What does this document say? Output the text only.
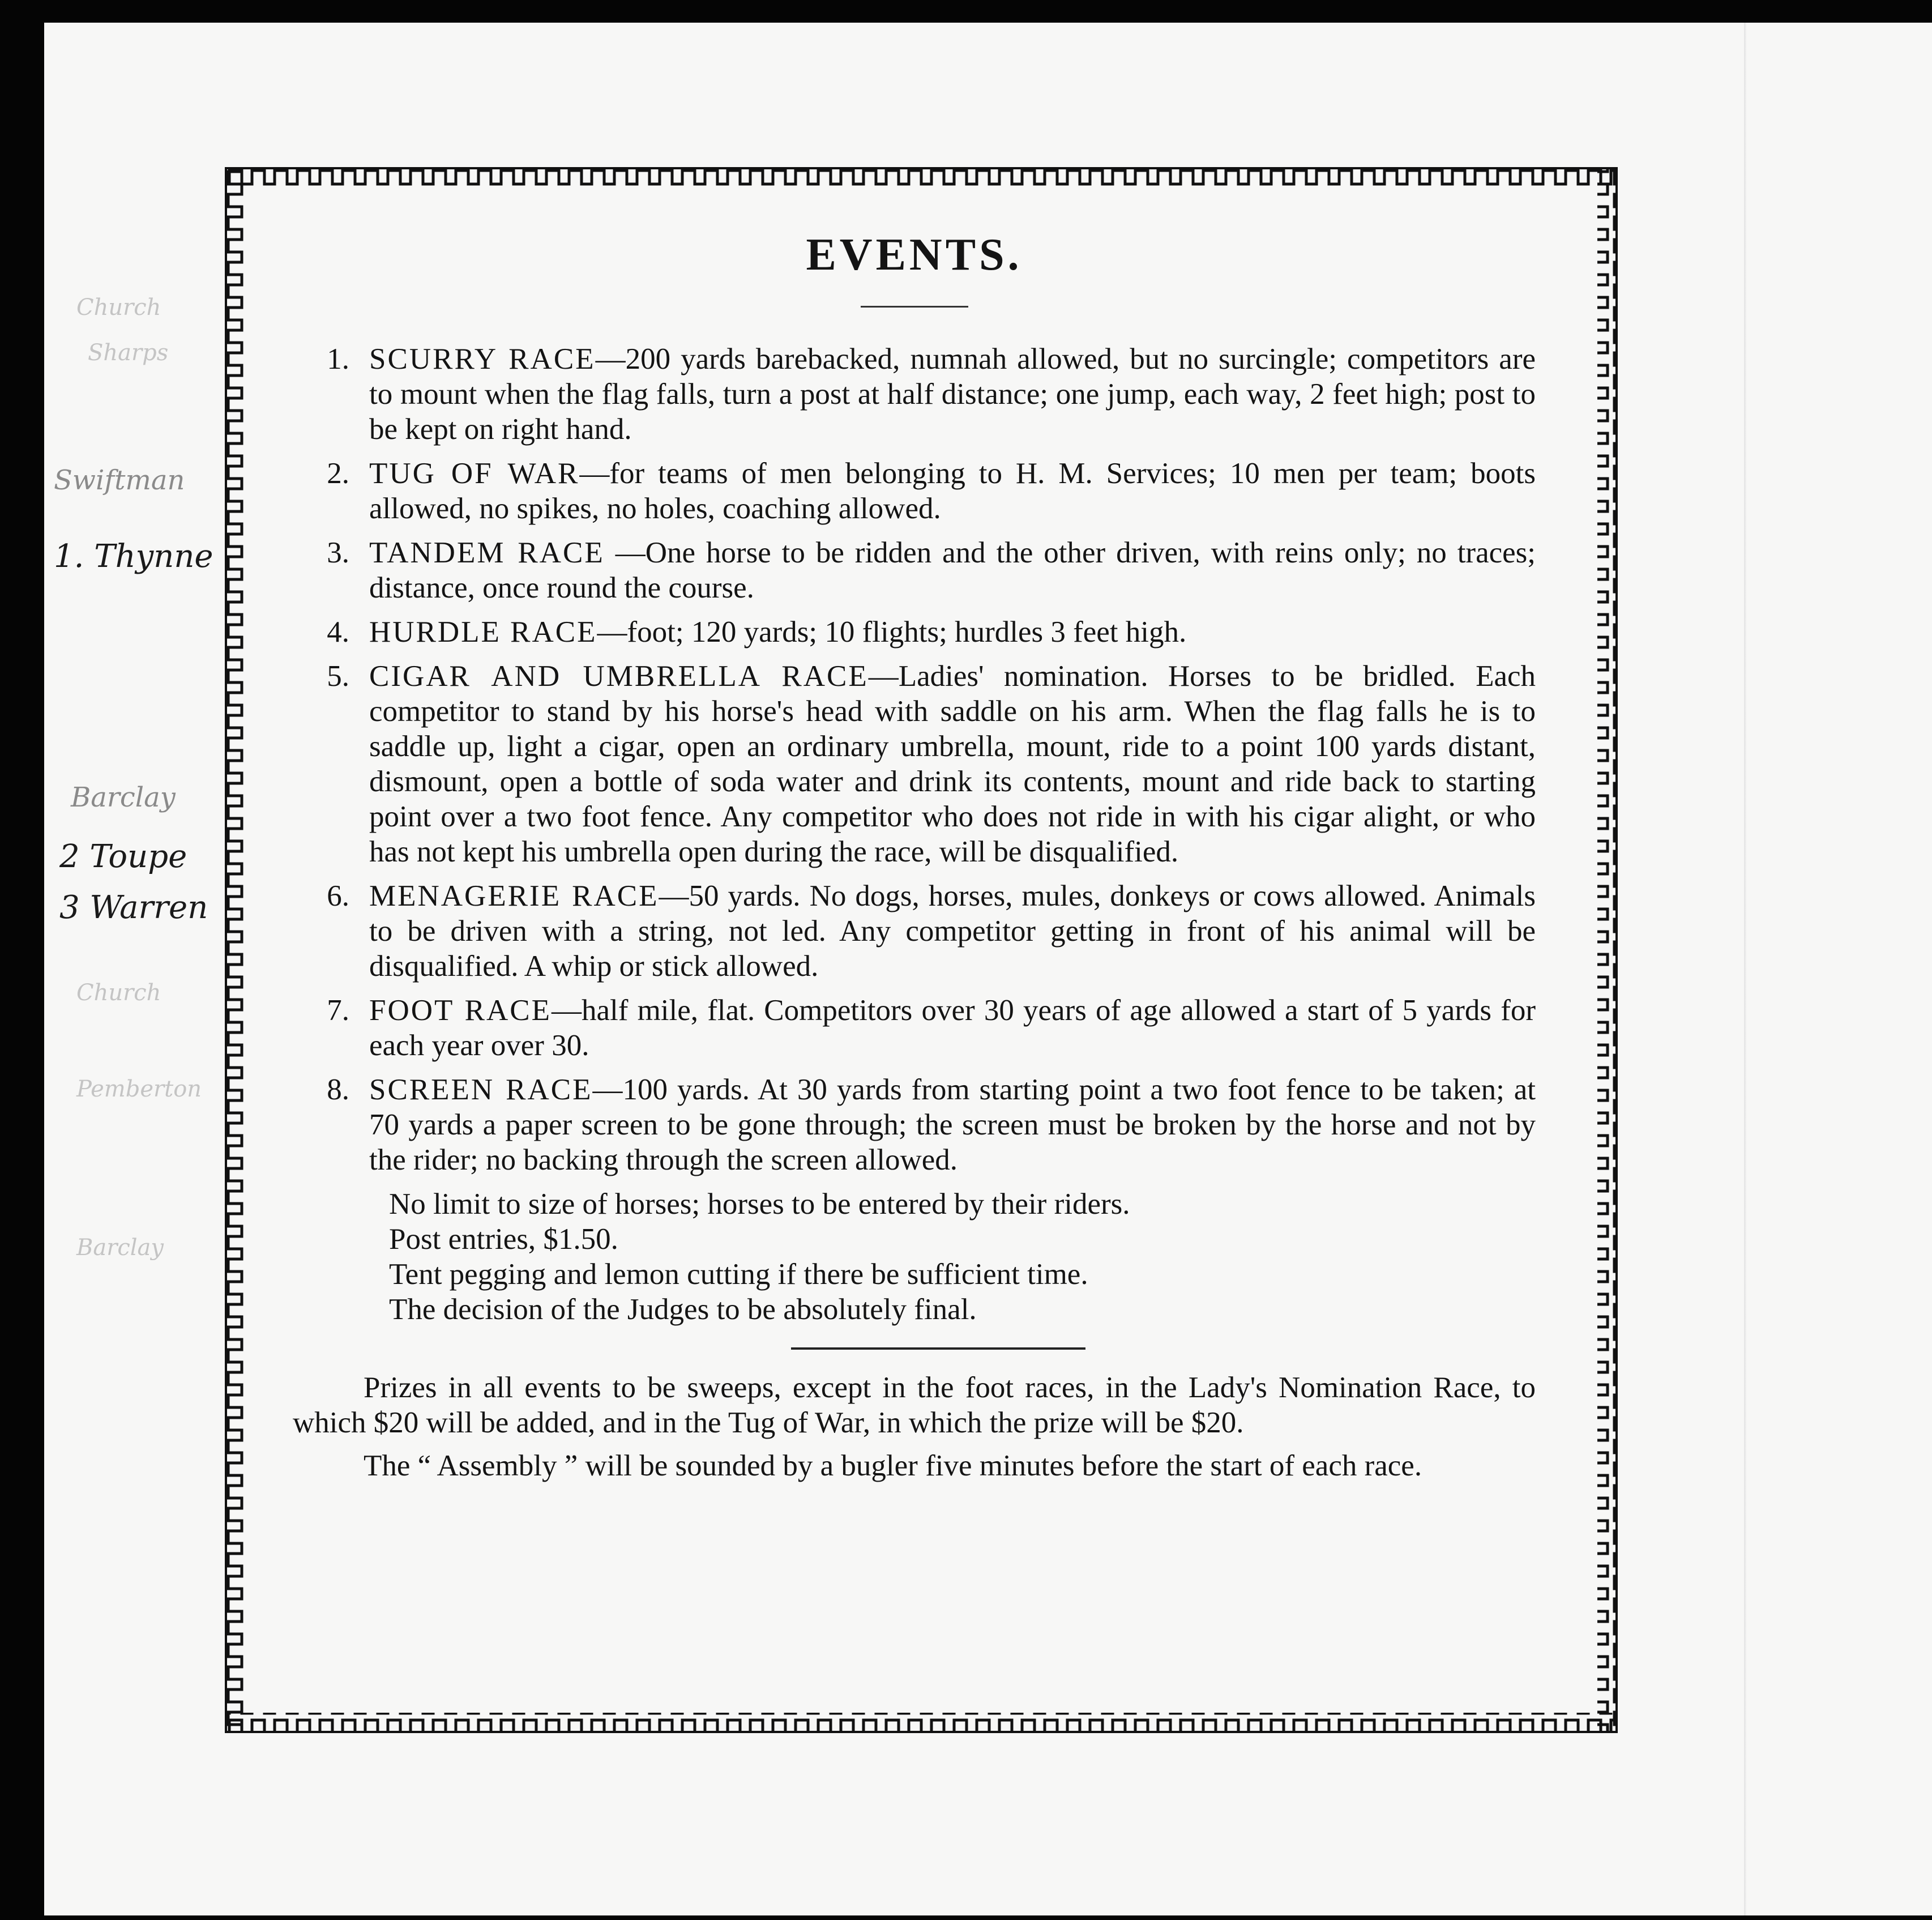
Church
Sharps
Swiftman
1. Thynne
Barclay
2 Toupe
3 Warren
Church
Pemberton
Barclay
EVENTS.
1. SCURRY RACE—200 yards barebacked, numnah allowed, but no surcingle; competitors are to mount when the flag falls, turn a post at half distance; one jump, each way, 2 feet high; post to be kept on right hand.
2. TUG OF WAR—for teams of men belonging to H. M. Services; 10 men per team; boots allowed, no spikes, no holes, coaching allowed.
3. TANDEM RACE —One horse to be ridden and the other driven, with reins only; no traces; distance, once round the course.
4. HURDLE RACE—foot; 120 yards; 10 flights; hurdles 3 feet high.
5. CIGAR AND UMBRELLA RACE—Ladies' nomination. Horses to be bridled. Each competitor to stand by his horse's head with saddle on his arm. When the flag falls he is to saddle up, light a cigar, open an ordinary umbrella, mount, ride to a point 100 yards distant, dismount, open a bottle of soda water and drink its contents, mount and ride back to starting point over a two foot fence. Any competitor who does not ride in with his cigar alight, or who has not kept his umbrella open during the race, will be disqualified.
6. MENAGERIE RACE—50 yards. No dogs, horses, mules, donkeys or cows allowed. Animals to be driven with a string, not led. Any competitor getting in front of his animal will be disqualified. A whip or stick allowed.
7. FOOT RACE—half mile, flat. Competitors over 30 years of age allowed a start of 5 yards for each year over 30.
8. SCREEN RACE—100 yards. At 30 yards from starting point a two foot fence to be taken; at 70 yards a paper screen to be gone through; the screen must be broken by the horse and not by the rider; no backing through the screen allowed.
No limit to size of horses; horses to be entered by their riders.
Post entries, $1.50.
Tent pegging and lemon cutting if there be sufficient time.
The decision of the Judges to be absolutely final.

Prizes in all events to be sweeps, except in the foot races, in the Lady's Nomination Race, to which $20 will be added, and in the Tug of War, in which the prize will be $20.

The “ Assembly ” will be sounded by a bugler five minutes before the start of each race.
